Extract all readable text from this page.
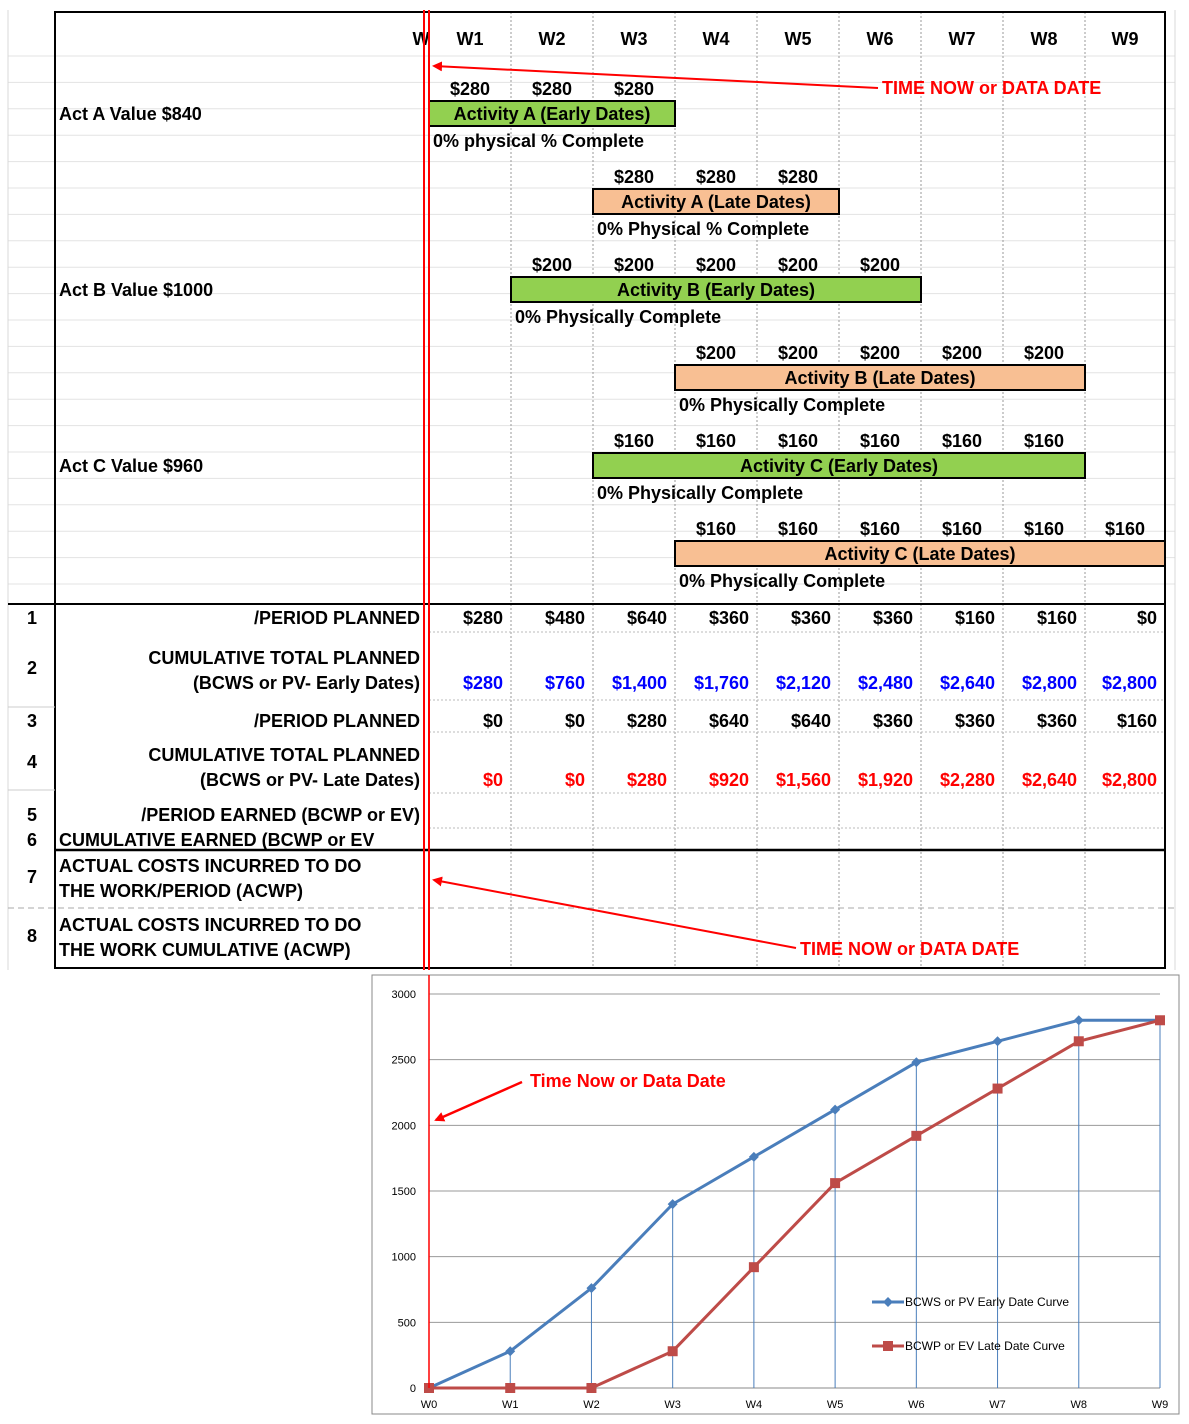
W W1	W2	W3	W4	W5	W6	W7	W8	W9
$280 $280 $280
Activity A (Early Dates)
0% physical % Complete
Act A Value $840
$280 $280 $280
Activity A (Late Dates)
0% Physical % Complete
$200 $200 $200 $200 $200
Activity B (Early Dates)
0% Physically Complete
Act B Value $1000
$200 $200 $200 $200 $200
Activity B (Late Dates)
0% Physically Complete
$160 $160 $160 $160 $160 $160
Activity C (Early Dates)
0% Physically Complete
Act C Value $960
$160 $160 $160 $160 $160 $160
Activity C (Late Dates)
0% Physically Complete
1	/PERIOD PLANNED $280 $480 $640 $360 $360 $360 $160 $160	$0
2	CUMULATIVE TOTAL PLANNED
(BCWS or PV- Early Dates) $280 $760 $1,400 $1,760 $2,120 $2,480 $2,640 $2,800 $2,800
3	/PERIOD PLANNED	$0	$0 $280 $640 $640 $360 $360 $360 $160
4	CUMULATIVE TOTAL PLANNED
(BCWS or PV- Late Dates)	$0	$0 $280 $920 $1,560 $1,920 $2,280 $2,640 $2,800
5	/PERIOD EARNED (BCWP or EV)
6 CUMULATIVE EARNED (BCWP or EV
7
ACTUAL COSTS INCURRED TO DO
THE WORK/PERIOD (ACWP)
8
ACTUAL COSTS INCURRED TO DO
THE WORK CUMULATIVE (ACWP)
TIME NOW or DATA DATE
TIME NOW or DATA DATE
0
500
1000
1500
2000
2500
3000
W0	W1	W2	W3	W4	W5	W6	W7	W8	W9
Time Now or Data Date
BCWS or PV Early Date Curve
BCWP or EV Late Date Curve
